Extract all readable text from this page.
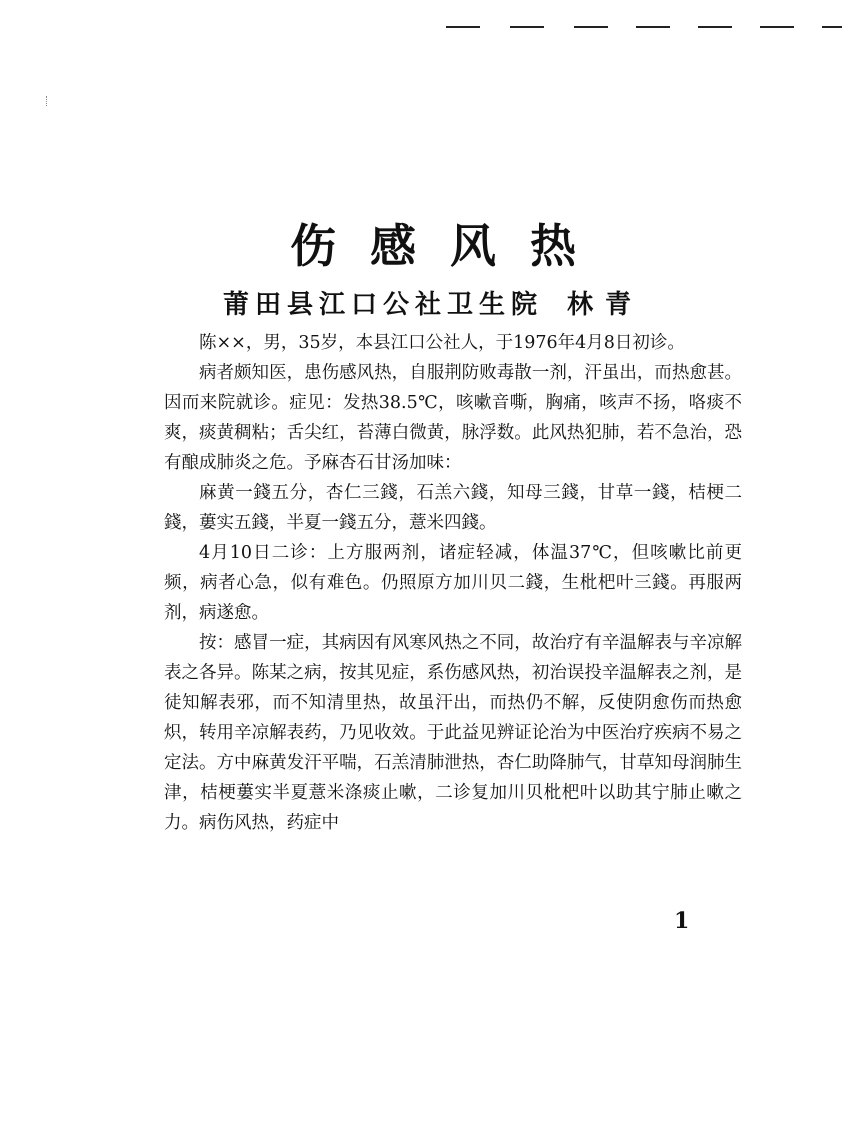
伤感风热
莆田县江口公社卫生院 林青

陈××，男，35岁，本县江口公社人，于1976年4月8日初诊。

病者颇知医，患伤感风热，自服荆防败毒散一剂，汗虽出，而热愈甚。因而来院就诊。症见：发热38.5℃，咳嗽音嘶，胸痛，咳声不扬，咯痰不爽，痰黄稠粘；舌尖红，苔薄白微黄，脉浮数。此风热犯肺，若不急治，恐有酿成肺炎之危。予麻杏石甘汤加味：

麻黄一錢五分，杏仁三錢，石羔六錢，知母三錢，甘草一錢，桔梗二錢，蔞实五錢，半夏一錢五分，薏米四錢。

4月10日二诊：上方服两剂，诸症轻减，体温37℃，但咳嗽比前更频，病者心急，似有难色。仍照原方加川贝二錢，生枇杷叶三錢。再服两剂，病遂愈。

按：感冒一症，其病因有风寒风热之不同，故治疗有辛温解表与辛凉解表之各异。陈某之病，按其见症，系伤感风热，初治误投辛温解表之剂，是徒知解表邪，而不知清里热，故虽汗出，而热仍不解，反使阴愈伤而热愈炽，转用辛凉解表药，乃见收效。于此益见辨证论治为中医治疗疾病不易之定法。方中麻黄发汗平喘，石羔清肺泄热，杏仁助降肺气，甘草知母润肺生津，桔梗蔞实半夏薏米涤痰止嗽，二诊复加川贝枇杷叶以助其宁肺止嗽之力。病伤风热，药症中

1
